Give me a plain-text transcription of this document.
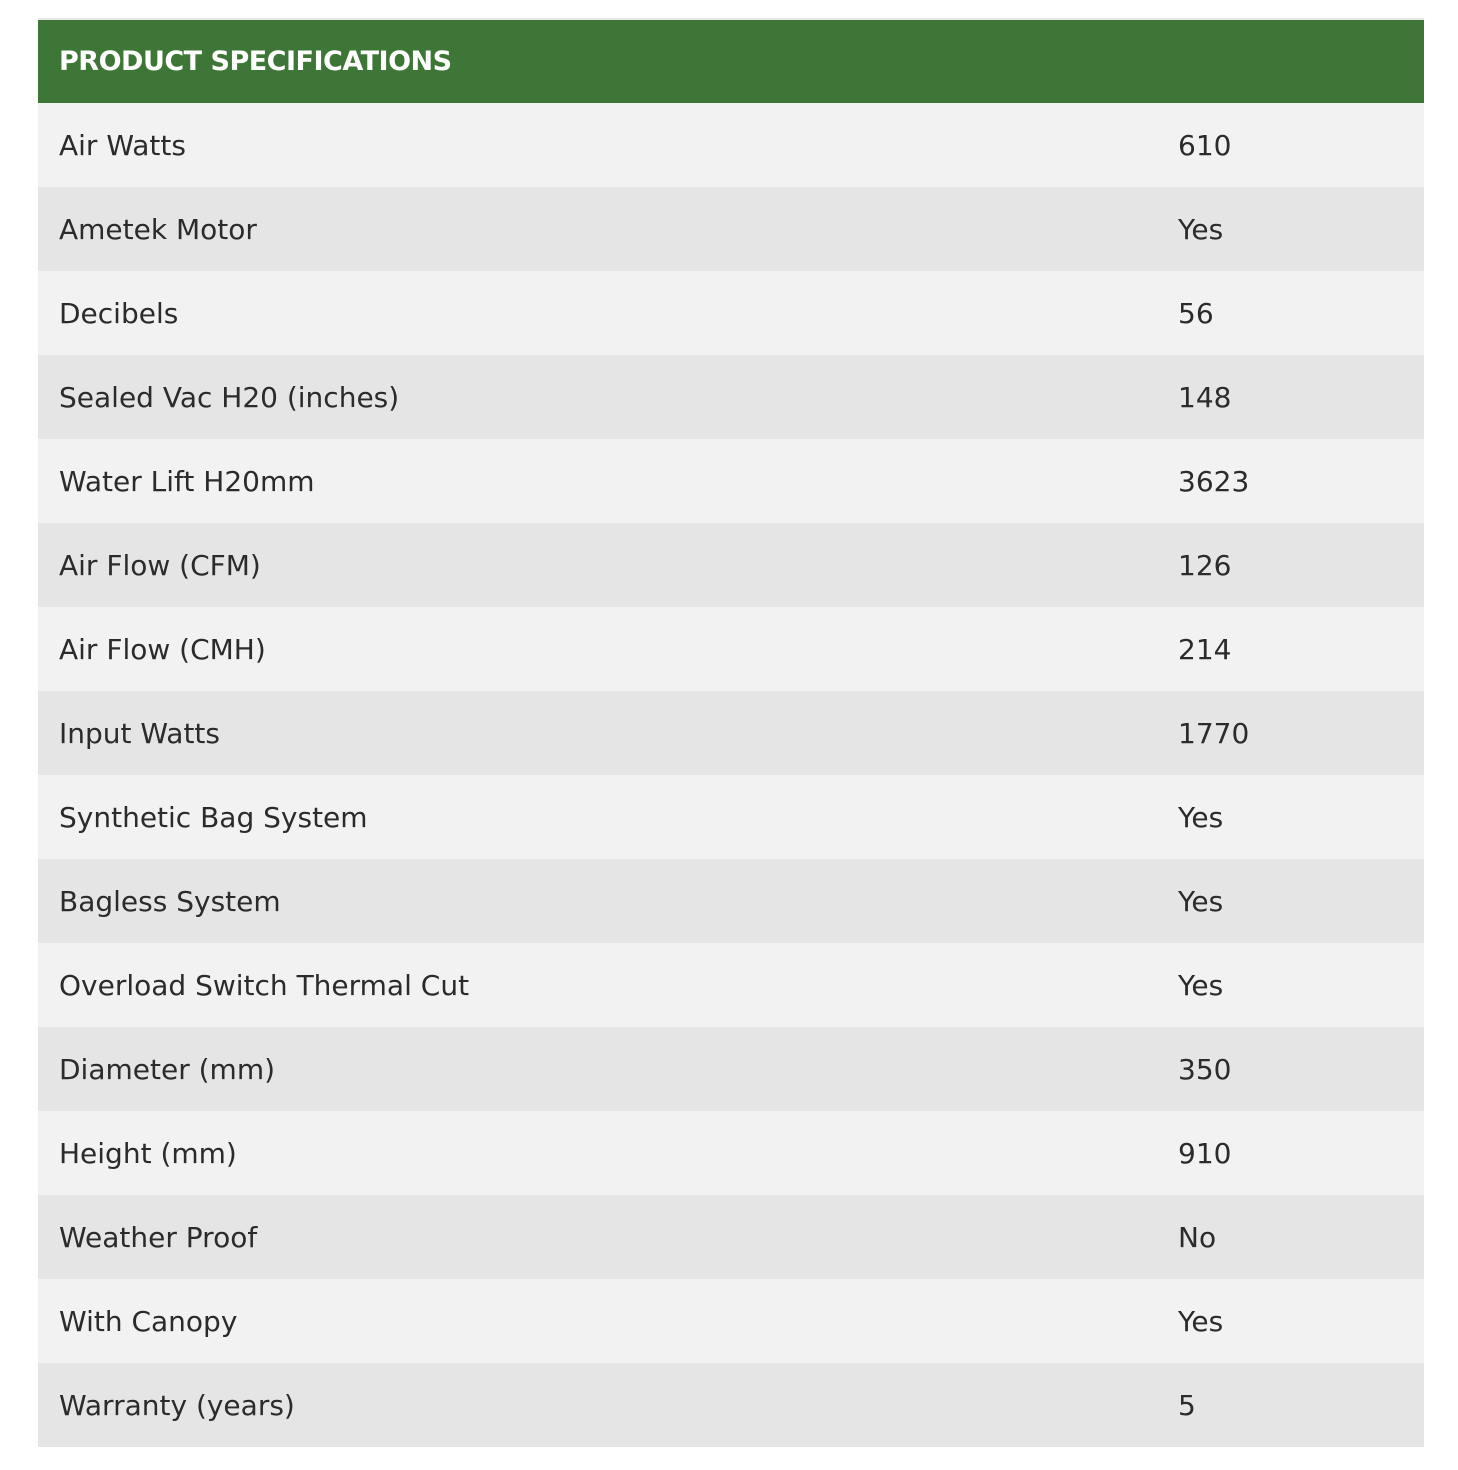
PRODUCT SPECIFICATIONS	
Air Watts	610
Ametek Motor	Yes
Decibels	56
Sealed Vac H20 (inches)	148
Water Lift H20mm	3623
Air Flow (CFM)	126
Air Flow (CMH)	214
Input Watts	1770
Synthetic Bag System	Yes
Bagless System	Yes
Overload Switch Thermal Cut	Yes
Diameter (mm)	350
Height (mm)	910
Weather Proof	No
With Canopy	Yes
Warranty (years)	5
